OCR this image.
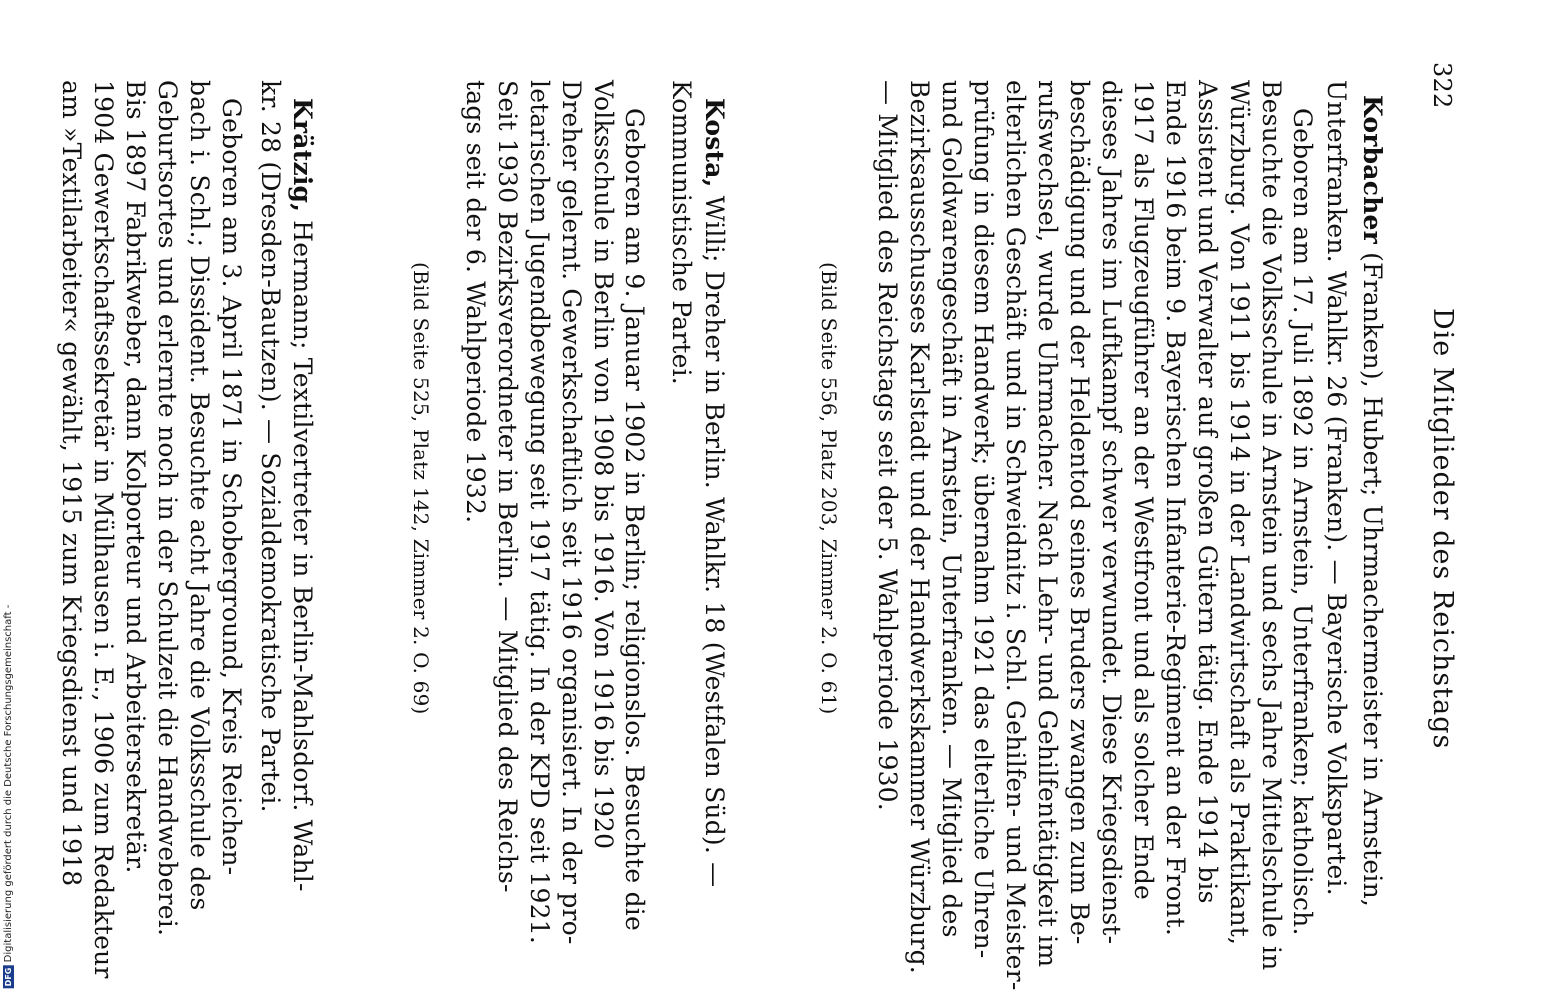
322
Die Mitglieder des Reichstags
Korbacher (Franken), Hubert; Uhrmachermeister in Arnstein,
Unterfranken. Wahlkr. 26 (Franken). — Bayerische Volkspartei.
Geboren am 17. Juli 1892 in Arnstein, Unterfranken; katholisch.
Besuchte die Volksschule in Arnstein und sechs Jahre Mittelschule in
Würzburg. Von 1911 bis 1914 in der Landwirtschaft als Praktikant,
Assistent und Verwalter auf großen Gütern tätig. Ende 1914 bis
Ende 1916 beim 9. Bayerischen Infanterie-Regiment an der Front.
1917 als Flugzeugführer an der Westfront und als solcher Ende
dieses Jahres im Luftkampf schwer verwundet. Diese Kriegsdienst-
beschädigung und der Heldentod seines Bruders zwangen zum Be-
rufswechsel, wurde Uhrmacher. Nach Lehr- und Gehilfentätigkeit im
elterlichen Geschäft und in Schweidnitz i. Schl. Gehilfen- und Meister-
prüfung in diesem Handwerk; übernahm 1921 das elterliche Uhren-
und Goldwarengeschäft in Arnstein, Unterfranken. — Mitglied des
Bezirksausschusses Karlstadt und der Handwerkskammer Würzburg.
— Mitglied des Reichstags seit der 5. Wahlperiode 1930.
(Bild Seite 556, Platz 203, Zimmer 2. O. 61)
Kosta, Willi; Dreher in Berlin. Wahlkr. 18 (Westfalen Süd). —
Kommunistische Partei.
Geboren am 9. Januar 1902 in Berlin; religionslos. Besuchte die
Volksschule in Berlin von 1908 bis 1916. Von 1916 bis 1920
Dreher gelernt. Gewerkschaftlich seit 1916 organisiert. In der pro-
letarischen Jugendbewegung seit 1917 tätig. In der KPD seit 1921.
Seit 1930 Bezirksverordneter in Berlin. — Mitglied des Reichs-
tags seit der 6. Wahlperiode 1932.
(Bild Seite 525, Platz 142, Zimmer 2. O. 69)
Krätzig, Hermann; Textilvertreter in Berlin-Mahlsdorf. Wahl-
kr. 28 (Dresden-Bautzen). — Sozialdemokratische Partei.
Geboren am 3. April 1871 in Schoberground, Kreis Reichen-
bach i. Schl.; Dissident. Besuchte acht Jahre die Volksschule des
Geburtsortes und erlernte noch in der Schulzeit die Handweberei.
Bis 1897 Fabrikweber, dann Kolporteur und Arbeitersekretär.
1904 Gewerkschaftssekretär in Mülhausen i. E., 1906 zum Redakteur
am »Textilarbeiter« gewählt, 1915 zum Kriegsdienst und 1918
DFG
Digitalisierung gefördert durch die Deutsche Forschungsgemeinschaft -
